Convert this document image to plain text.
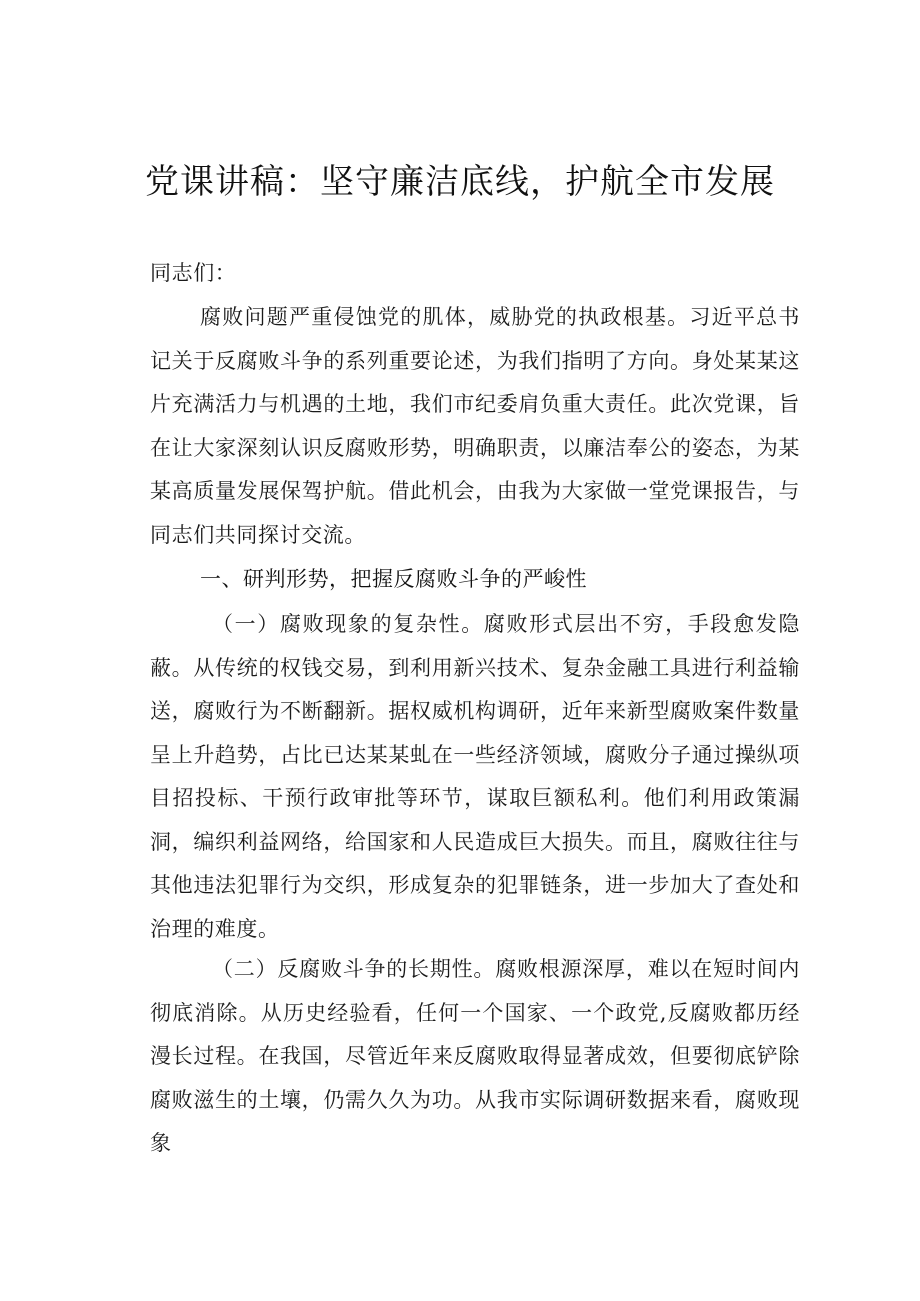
党课讲稿：坚守廉洁底线，护航全市发展

同志们：

腐败问题严重侵蚀党的肌体，威胁党的执政根基。习近平总书记关于反腐败斗争的系列重要论述，为我们指明了方向。身处某某这片充满活力与机遇的土地，我们市纪委肩负重大责任。此次党课，旨在让大家深刻认识反腐败形势，明确职责，以廉洁奉公的姿态，为某某高质量发展保驾护航。借此机会，由我为大家做一堂党课报告，与同志们共同探讨交流。

一、研判形势，把握反腐败斗争的严峻性

（一）腐败现象的复杂性。腐败形式层出不穷，手段愈发隐蔽。从传统的权钱交易，到利用新兴技术、复杂金融工具进行利益输送，腐败行为不断翻新。据权威机构调研，近年来新型腐败案件数量呈上升趋势，占比已达某某虬在一些经济领域，腐败分子通过操纵项目招投标、干预行政审批等环节，谋取巨额私利。他们利用政策漏洞，编织利益网络，给国家和人民造成巨大损失。而且，腐败往往与其他违法犯罪行为交织，形成复杂的犯罪链条，进一步加大了查处和治理的难度。

（二）反腐败斗争的长期性。腐败根源深厚，难以在短时间内彻底消除。从历史经验看，任何一个国家、一个政党,反腐败都历经漫长过程。在我国，尽管近年来反腐败取得显著成效，但要彻底铲除腐败滋生的土壤，仍需久久为功。从我市实际调研数据来看，腐败现象
